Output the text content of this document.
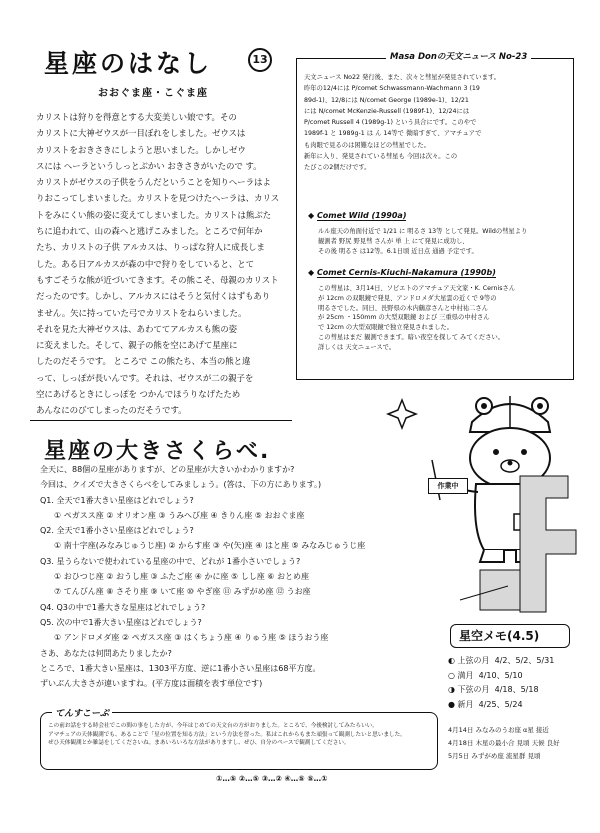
星座のはなし	13
おおぐま座・こぐま座
カリストは狩りを得意とする大変美しい娘です。その
カリストに大神ゼウスが一目ぼれをしました。ゼウスは
カリストをおきさきにしようと思いました。しかしゼウ
スには へーラというしっとぶかい おきさきがいたので す。
カリストがゼウスの子供をうんだということを知りへーラはよ
りおこってしまいました。カリストを見つけたへーラは、カリス
トをみにくい熊の姿に変えてしまいました。カリストは熊ぶた
ちに追われて、山の森へと逃げこみました。ところで何年か
たち、カリストの子供 アルカスは、りっぱな狩人に成長しま
した。ある日アルカスが森の中で狩りをしていると、とて
もすごそうな熊が近づいてきます。その熊こそ、母親のカリスト
だったのです。しかし、アルカスにはそうと気付くはずもあり
ません。矢に持っていた弓でカリストをねらいました。
それを見た大神ゼウスは、あわててアルカスも熊の姿
に変えました。そして、親子の熊を空にあげて星座に
したのだそうです。 ところで この熊たち、本当の熊と違
って、しっぽが長いんです。それは、ゼウスが二の親子を
空にあげるときにしっぽを つかんでほうりなげたため
あんなにのびてしまったのだそうです。
Masa Donの天文ニュース No-23
天文ニュース No22 発行後、また、次々と彗星が発見されています。
昨年の12/4には P/comet Schwassmann-Wachmann 3 (19
89d-1)、12/8には N/comet George (1989e-1)、12/21
には N/comet McKenzie-Russell (1989f-1)、12/24には
P/comet Russell 4 (1989g-1) という具合にです。このやで
1989f-1 と 1989g-1 は ん 14等で 微暗すぎて、アマチュアで
も肉眼で見るのは困難なほどの彗星でした。
新年に入り、発見されている彗星も 今回は次々。この
たびこの2個だけです。
◆ Comet Wild (1990a)
ルル座天の角面付近で 1/21 に 明るさ 13等 として発見。Wildの彗星より
観測者 野尻 野見彗 さんが 単 上 にて発見に成功し、
その後 明るさ は12等。6.1日頃 近日点 通過 予定です。
◆ Comet Cernis-Kiuchi-Nakamura (1990b)
この彗星は、3月14日、ソビエトのアマチュア天文家・K. Cernisさん
が 12cm の双眼鏡で発見、アンドロメダ大星雲の近くで 9等の
明るさでした。同日、長野県の木内鶴彦さんと中村祐二さん
が 25cm ・150mm の大型双眼鏡 および 三重県の中村さん
で 12cm の大型双眼鏡で独立発見されました。
この彗星はまだ 観測できます。暗い夜空を探して みてください。
詳しくは 天文ニュースで。
作業中
星座の大きさくらべ.
全天に、88個の星座がありますが、どの星座が大きいかわかりますか?
今回は、クイズで大きさくらべをしてみましょう。(答は、下の方にあります。)
Q1. 全天で1番大きい星座はどれでしょう?
① ペガスス座 ② オリオン座 ③ うみへび座 ④ きりん座 ⑤ おおぐま座
Q2. 全天で1番小さい星座はどれでしょう?
① 南十字座(みなみじゅうじ座) ② からす座 ③ や(矢)座 ④ はと座 ⑤ みなみじゅうじ座
Q3. 星うらないで使われている星座の中で、どれが 1番小さいでしょう?
① おひつじ座 ② おうし座 ③ ふたご座 ④ かに座 ⑤ しし座 ⑥ おとめ座
⑦ てんびん座 ⑧ さそり座 ⑨ いて座 ⑩ やぎ座 ⑪ みずがめ座 ⑫ うお座
Q4. Q3の中で1番大きな星座はどれでしょう?
Q5. 次の中で1番大きい星座はどれでしょう?
① アンドロメダ座 ② ペガスス座 ③ はくちょう座 ④ りゅう座 ⑤ ほうおう座
さあ、あなたは何問あたりましたか?
ところで、1番大きい星座は、1303平方度、逆に1番小さい星座は68平方度。
ずいぶん大きさが違いますね。(平方度は面積を表す単位です)
てんすこーぷ
この前お話をする時会社でこの間の事をした方が、今年はじめての天文台の方がおりました。ところで、今後検討してみたらいい。
アマチュアの天体観測でも、あることで「星の位置を知る方法」という方法を習った。私はこれからもまた頑張って観測したいと思いました。
ぜひ天体観測とか雑誌をしてくださいね。まあいろいろな方法がありますし、ぜひ、自分のペースで観測してください。
①…⑤ ②…⑤ ③…② ④…⑤ ⑤…①
星空メモ(4.5)
◐ 上弦の月 4/2、5/2、5/31
○ 満月 4/10、5/10
◑ 下弦の月 4/18、5/18
● 新月 4/25、5/24
4月14日 みなみのうお座 α星 接近
4月18日 木星の最小合 見頃 天候 良好
5月5日 みずがめ座 流星群 見頃
